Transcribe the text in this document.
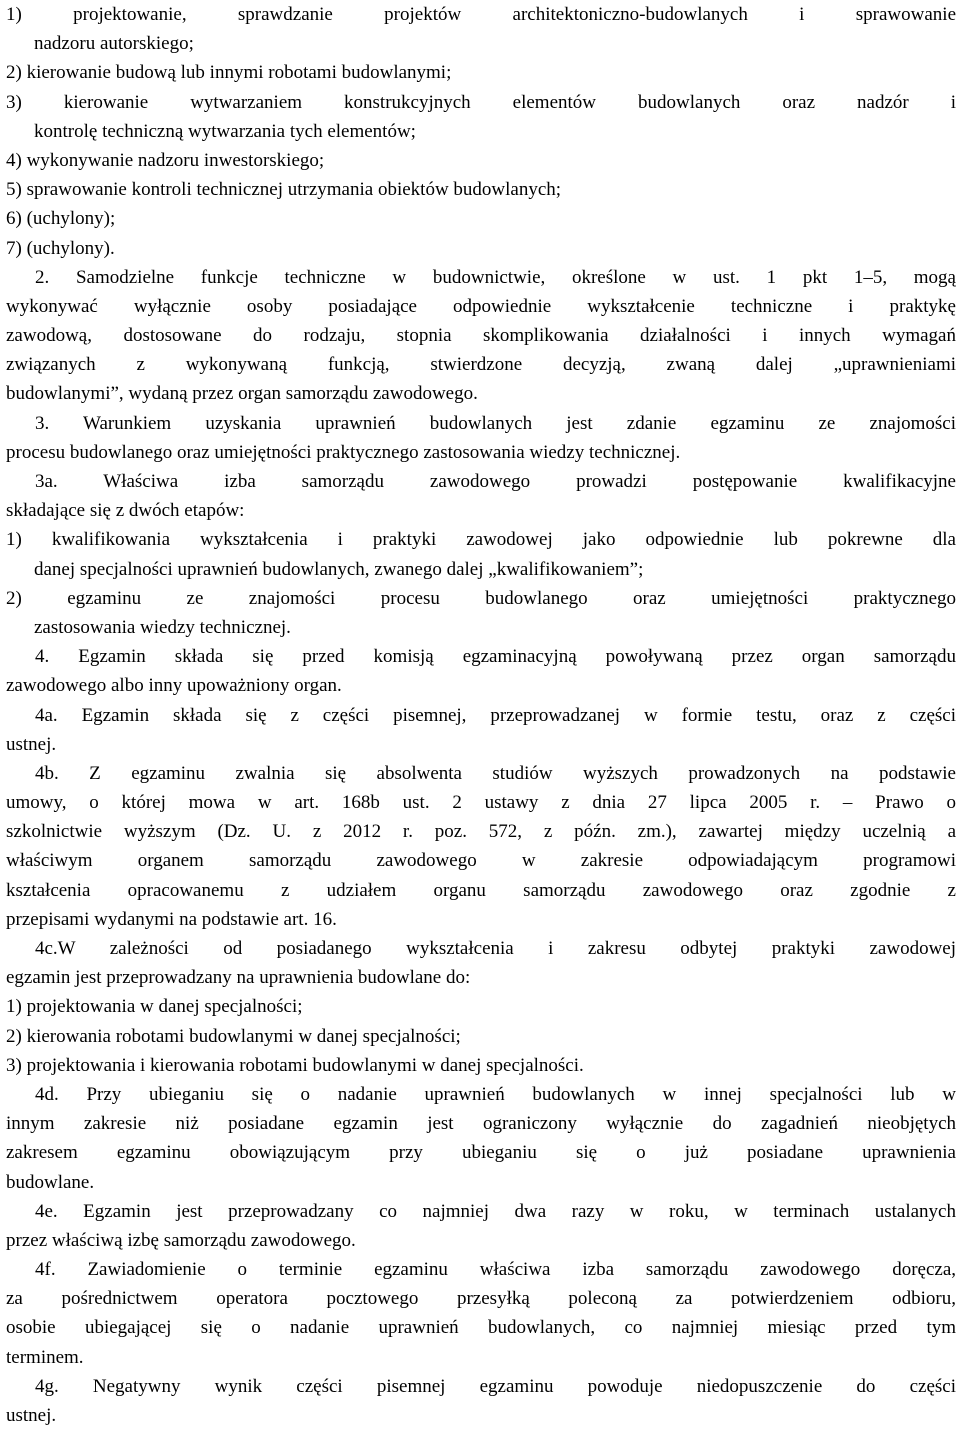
1) projektowanie, sprawdzanie projektów architektoniczno-budowlanych i sprawowanie
nadzoru autorskiego;
2) kierowanie budową lub innymi robotami budowlanymi;
3) kierowanie wytwarzaniem konstrukcyjnych elementów budowlanych oraz nadzór i
kontrolę techniczną wytwarzania tych elementów;
4) wykonywanie nadzoru inwestorskiego;
5) sprawowanie kontroli technicznej utrzymania obiektów budowlanych;
6) (uchylony);
7) (uchylony).
2. Samodzielne funkcje techniczne w budownictwie, określone w ust. 1 pkt 1–5, mogą
wykonywać wyłącznie osoby posiadające odpowiednie wykształcenie techniczne i praktykę
zawodową, dostosowane do rodzaju, stopnia skomplikowania działalności i innych wymagań
związanych z wykonywaną funkcją, stwierdzone decyzją, zwaną dalej „uprawnieniami
budowlanymi”, wydaną przez organ samorządu zawodowego.
3. Warunkiem uzyskania uprawnień budowlanych jest zdanie egzaminu ze znajomości
procesu budowlanego oraz umiejętności praktycznego zastosowania wiedzy technicznej.
3a. Właściwa izba samorządu zawodowego prowadzi postępowanie kwalifikacyjne
składające się z dwóch etapów:
1) kwalifikowania wykształcenia i praktyki zawodowej jako odpowiednie lub pokrewne dla
danej specjalności uprawnień budowlanych, zwanego dalej „kwalifikowaniem”;
2) egzaminu ze znajomości procesu budowlanego oraz umiejętności praktycznego
zastosowania wiedzy technicznej.
4. Egzamin składa się przed komisją egzaminacyjną powoływaną przez organ samorządu
zawodowego albo inny upoważniony organ.
4a. Egzamin składa się z części pisemnej, przeprowadzanej w formie testu, oraz z części
ustnej.
4b. Z egzaminu zwalnia się absolwenta studiów wyższych prowadzonych na podstawie
umowy, o której mowa w art. 168b ust. 2 ustawy z dnia 27 lipca 2005 r. – Prawo o
szkolnictwie wyższym (Dz. U. z 2012 r. poz. 572, z późn. zm.), zawartej między uczelnią a
właściwym organem samorządu zawodowego w zakresie odpowiadającym programowi
kształcenia opracowanemu z udziałem organu samorządu zawodowego oraz zgodnie z
przepisami wydanymi na podstawie art. 16.
4c.W zależności od posiadanego wykształcenia i zakresu odbytej praktyki zawodowej
egzamin jest przeprowadzany na uprawnienia budowlane do:
1) projektowania w danej specjalności;
2) kierowania robotami budowlanymi w danej specjalności;
3) projektowania i kierowania robotami budowlanymi w danej specjalności.
4d. Przy ubieganiu się o nadanie uprawnień budowlanych w innej specjalności lub w
innym zakresie niż posiadane egzamin jest ograniczony wyłącznie do zagadnień nieobjętych
zakresem egzaminu obowiązującym przy ubieganiu się o już posiadane uprawnienia
budowlane.
4e. Egzamin jest przeprowadzany co najmniej dwa razy w roku, w terminach ustalanych
przez właściwą izbę samorządu zawodowego.
4f. Zawiadomienie o terminie egzaminu właściwa izba samorządu zawodowego doręcza,
za pośrednictwem operatora pocztowego przesyłką poleconą za potwierdzeniem odbioru,
osobie ubiegającej się o nadanie uprawnień budowlanych, co najmniej miesiąc przed tym
terminem.
4g. Negatywny wynik części pisemnej egzaminu powoduje niedopuszczenie do części
ustnej.
